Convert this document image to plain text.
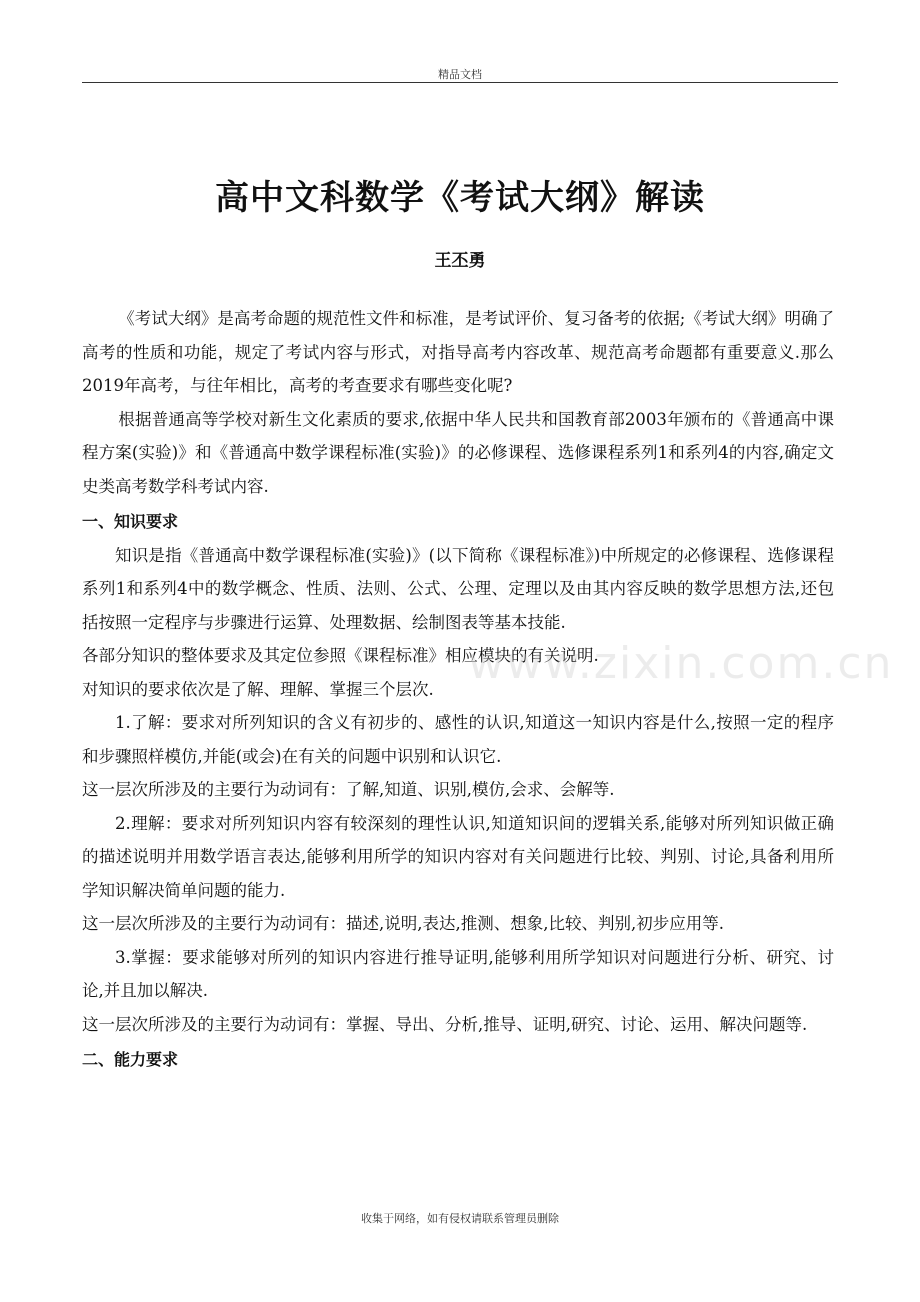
精品文档
高中文科数学《考试大纲》解读
王丕勇

《考试大纲》是高考命题的规范性文件和标准，是考试评价、复习备考的依据;《考试大纲》明确了高考的性质和功能，规定了考试内容与形式，对指导高考内容改革、规范高考命题都有重要意义.那么2019年高考，与往年相比，高考的考查要求有哪些变化呢?

根据普通高等学校对新生文化素质的要求,依据中华人民共和国教育部2003年颁布的《普通高中课程方案(实验)》和《普通高中数学课程标准(实验)》的必修课程、选修课程系列1和系列4的内容,确定文史类高考数学科考试内容.

一、知识要求

知识是指《普通高中数学课程标准(实验)》(以下简称《课程标准》)中所规定的必修课程、选修课程系列1和系列4中的数学概念、性质、法则、公式、公理、定理以及由其内容反映的数学思想方法,还包括按照一定程序与步骤进行运算、处理数据、绘制图表等基本技能.

各部分知识的整体要求及其定位参照《课程标准》相应模块的有关说明.

对知识的要求依次是了解、理解、掌握三个层次.

1.了解：要求对所列知识的含义有初步的、感性的认识,知道这一知识内容是什么,按照一定的程序和步骤照样模仿,并能(或会)在有关的问题中识别和认识它.

这一层次所涉及的主要行为动词有：了解,知道、识别,模仿,会求、会解等.

2.理解：要求对所列知识内容有较深刻的理性认识,知道知识间的逻辑关系,能够对所列知识做正确的描述说明并用数学语言表达,能够利用所学的知识内容对有关问题进行比较、判别、讨论,具备利用所学知识解决简单问题的能力.

这一层次所涉及的主要行为动词有：描述,说明,表达,推测、想象,比较、判别,初步应用等.

3.掌握：要求能够对所列的知识内容进行推导证明,能够利用所学知识对问题进行分析、研究、讨论,并且加以解决.

这一层次所涉及的主要行为动词有：掌握、导出、分析,推导、证明,研究、讨论、运用、解决问题等.

二、能力要求

www.zixin.com.cn
收集于网络，如有侵权请联系管理员删除
